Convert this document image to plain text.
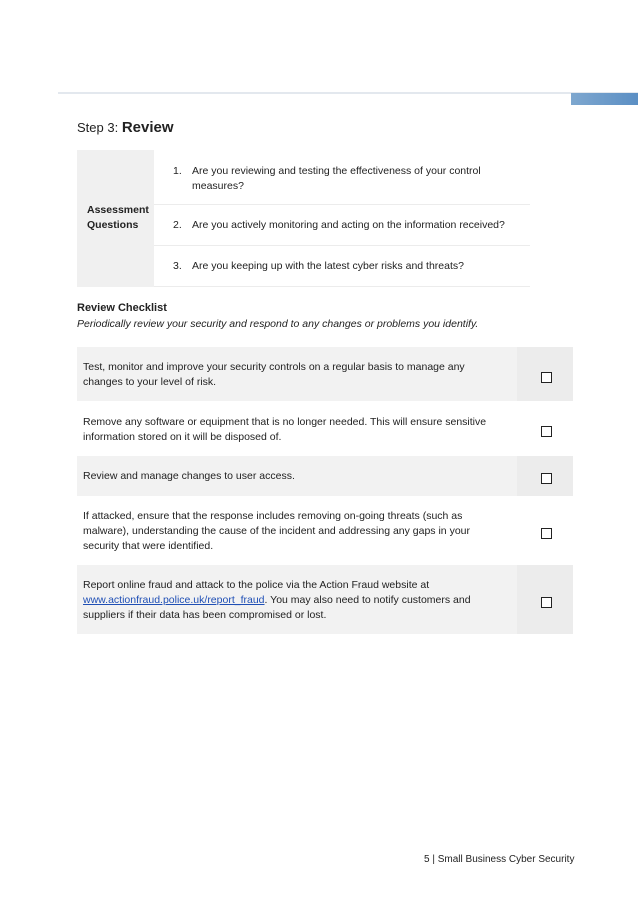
Step 3: Review
Assessment
Questions
1. Are you reviewing and testing the effectiveness of your control
measures?
2. Are you actively monitoring and acting on the information received?
3. Are you keeping up with the latest cyber risks and threats?
Review Checklist
Periodically review your security and respond to any changes or problems you identify.
Test, monitor and improve your security controls on a regular basis to manage any
changes to your level of risk.
Remove any software or equipment that is no longer needed. This will ensure sensitive
information stored on it will be disposed of.
Review and manage changes to user access.
If attacked, ensure that the response includes removing on-going threats (such as
malware), understanding the cause of the incident and addressing any gaps in your
security that were identified.
Report online fraud and attack to the police via the Action Fraud website at
www.actionfraud.police.uk/report_fraud. You may also need to notify customers and
suppliers if their data has been compromised or lost.
5 | Small Business Cyber Security
